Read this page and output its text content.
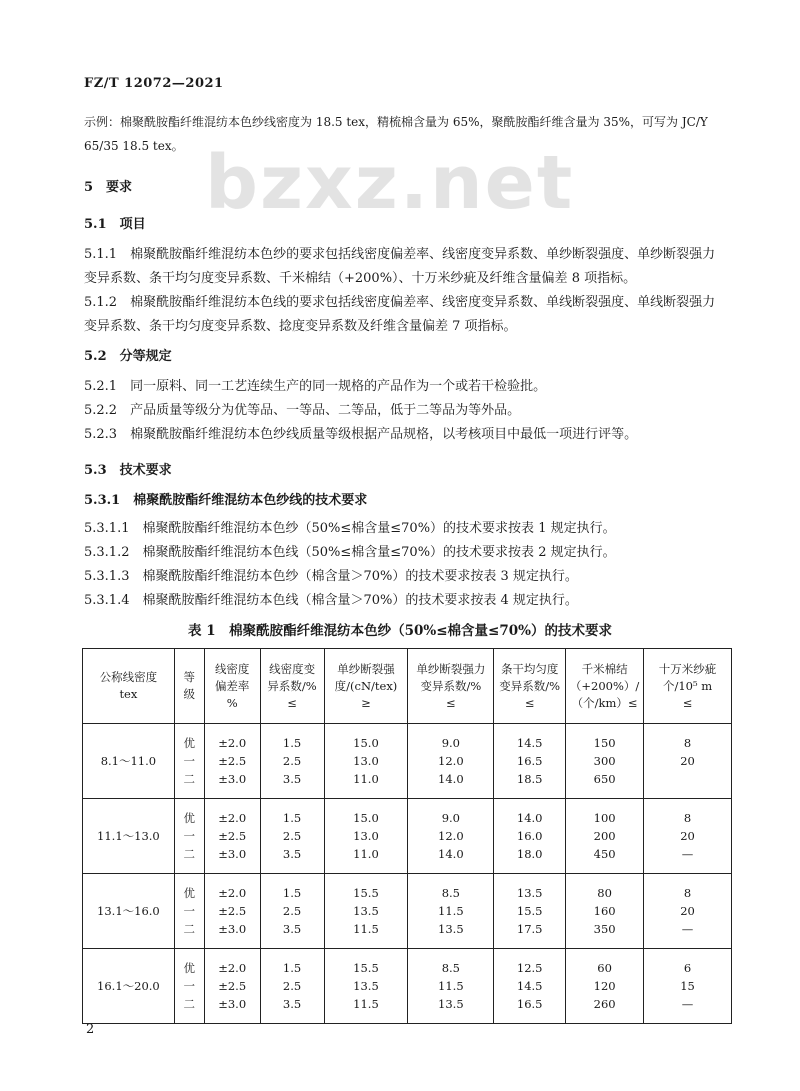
FZ/T 12072—2021
bzxz.net
示例：棉聚酰胺酯纤维混纺本色纱线密度为 18.5 tex，精梳棉含量为 65%，聚酰胺酯纤维含量为 35%，可写为 JC/Y
65/35 18.5 tex。
5　要求
5.1　项目
5.1.1　棉聚酰胺酯纤维混纺本色纱的要求包括线密度偏差率、线密度变异系数、单纱断裂强度、单纱断裂强力变异系数、条干均匀度变异系数、千米棉结（+200%）、十万米纱疵及纤维含量偏差 8 项指标。
5.1.2　棉聚酰胺酯纤维混纺本色线的要求包括线密度偏差率、线密度变异系数、单线断裂强度、单线断裂强力变异系数、条干均匀度变异系数、捻度变异系数及纤维含量偏差 7 项指标。
5.2　分等规定
5.2.1　同一原料、同一工艺连续生产的同一规格的产品作为一个或若干检验批。
5.2.2　产品质量等级分为优等品、一等品、二等品，低于二等品为等外品。
5.2.3　棉聚酰胺酯纤维混纺本色纱线质量等级根据产品规格，以考核项目中最低一项进行评等。
5.3　技术要求
5.3.1　棉聚酰胺酯纤维混纺本色纱线的技术要求
5.3.1.1　棉聚酰胺酯纤维混纺本色纱（50%≤棉含量≤70%）的技术要求按表 1 规定执行。
5.3.1.2　棉聚酰胺酯纤维混纺本色线（50%≤棉含量≤70%）的技术要求按表 2 规定执行。
5.3.1.3　棉聚酰胺酯纤维混纺本色纱（棉含量＞70%）的技术要求按表 3 规定执行。
5.3.1.4　棉聚酰胺酯纤维混纺本色线（棉含量＞70%）的技术要求按表 4 规定执行。
表 1　棉聚酰胺酯纤维混纺本色纱（50%≤棉含量≤70%）的技术要求
公称线密度
tex	等
级	线密度
偏差率
%	线密度变
异系数/%
≤	单纱断裂强
度/(cN/tex)
≥	单纱断裂强力
变异系数/%
≤	条干均匀度
变异系数/%
≤	千米棉结
（+200%）/
（个/km）≤	十万米纱疵
个/10⁵ m
≤

8.1～11.0	优
一
二	±2.0
±2.5
±3.0	1.5
2.5
3.5	15.0
13.0
11.0	9.0
12.0
14.0	14.5
16.5
18.5	150
300
650	8
20

11.1～13.0	优
一
二	±2.0
±2.5
±3.0	1.5
2.5
3.5	15.0
13.0
11.0	9.0
12.0
14.0	14.0
16.0
18.0	100
200
450	8
20
—

13.1～16.0	优
一
二	±2.0
±2.5
±3.0	1.5
2.5
3.5	15.5
13.5
11.5	8.5
11.5
13.5	13.5
15.5
17.5	80
160
350	8
20
—

16.1～20.0	优
一
二	±2.0
±2.5
±3.0	1.5
2.5
3.5	15.5
13.5
11.5	8.5
11.5
13.5	12.5
14.5
16.5	60
120
260	6
15
—
2
